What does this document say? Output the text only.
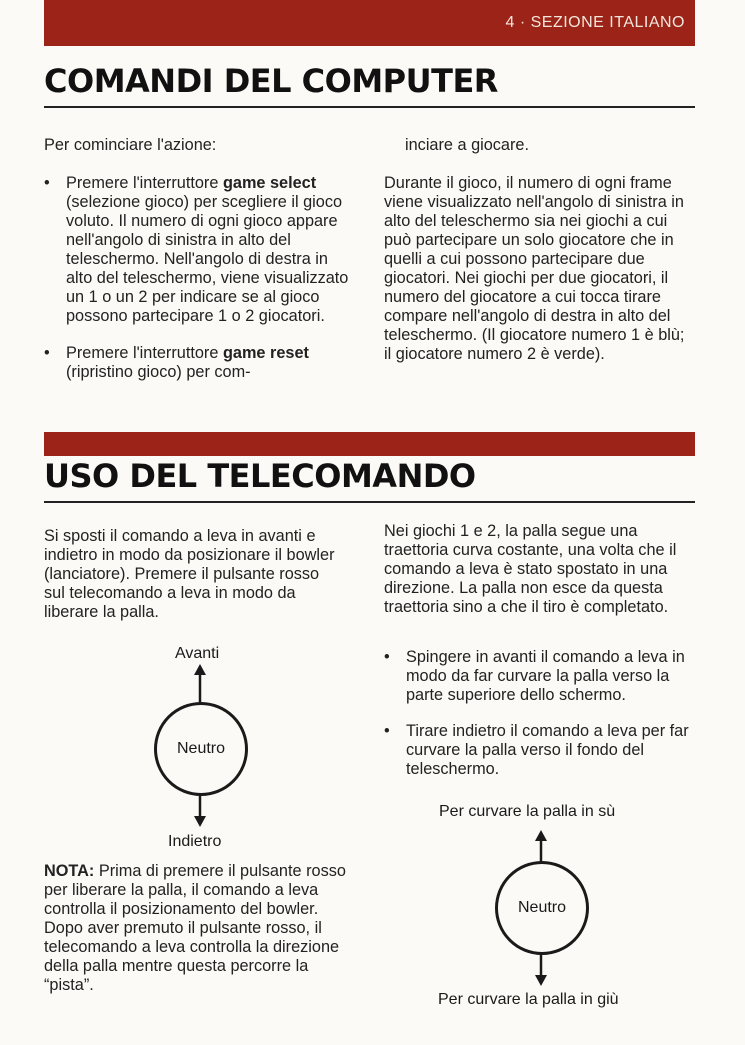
4 · SEZIONE ITALIANO
COMANDI DEL COMPUTER
Per cominciare l'azione:
• Premere l'interruttore game select (selezione gioco) per scegliere il gioco voluto. Il numero di ogni gioco appare nell'angolo di sinistra in alto del teleschermo. Nell'angolo di destra in alto del teleschermo, viene visualizzato un 1 o un 2 per indicare se al gioco possono partecipare 1 o 2 giocatori.
• Premere l'interruttore game reset (ripristino gioco) per com-
inciare a giocare.
Durante il gioco, il numero di ogni frame viene visualizzato nell'angolo di sinistra in alto del teleschermo sia nei giochi a cui può partecipare un solo giocatore che in quelli a cui possono partecipare due giocatori. Nei giochi per due giocatori, il numero del giocatore a cui tocca tirare compare nell'angolo di destra in alto del teleschermo. (Il giocatore numero 1 è blù; il giocatore numero 2 è verde).
USO DEL TELECOMANDO
Si sposti il comando a leva in avanti e indietro in modo da posizionare il bowler (lanciatore). Premere il pulsante rosso sul telecomando a leva in modo da liberare la palla.
Avanti
Neutro
Indietro
NOTA: Prima di premere il pulsante rosso per liberare la palla, il comando a leva controlla il posizionamento del bowler. Dopo aver premuto il pulsante rosso, il telecomando a leva controlla la direzione della palla mentre questa percorre la “pista”.
Nei giochi 1 e 2, la palla segue una traettoria curva costante, una volta che il comando a leva è stato spostato in una direzione. La palla non esce da questa traettoria sino a che il tiro è completato.
• Spingere in avanti il comando a leva in modo da far curvare la palla verso la parte superiore dello schermo.
• Tirare indietro il comando a leva per far curvare la palla verso il fondo del teleschermo.
Per curvare la palla in sù
Neutro
Per curvare la palla in giù
